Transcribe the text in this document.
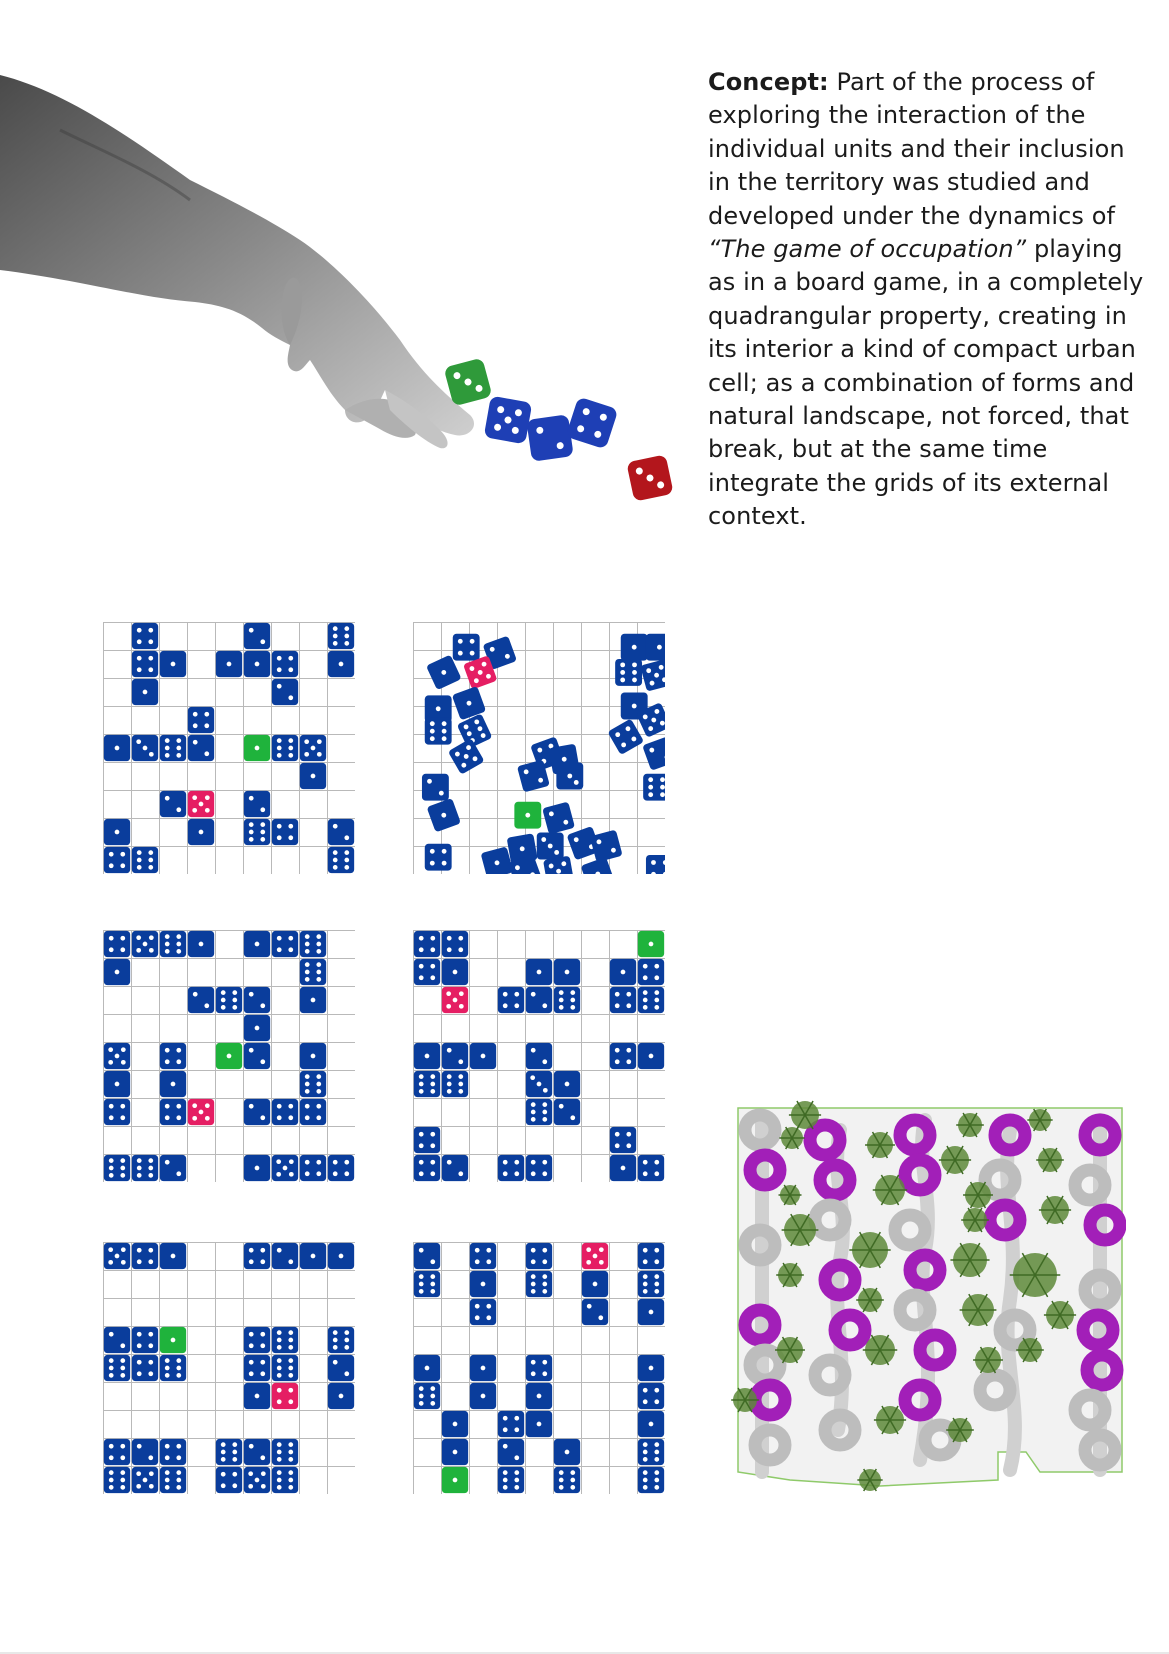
Concept: Part of the process of exploring the interaction of the individual units and their inclusion in the territory was studied and developed under the dynamics of “The game of occupation” playing as in a board game, in a completely quadrangular property, creating in its interior a kind of compact urban cell; as a combination of forms and natural landscape, not forced, that break, but at the same time integrate the grids of its external context.
